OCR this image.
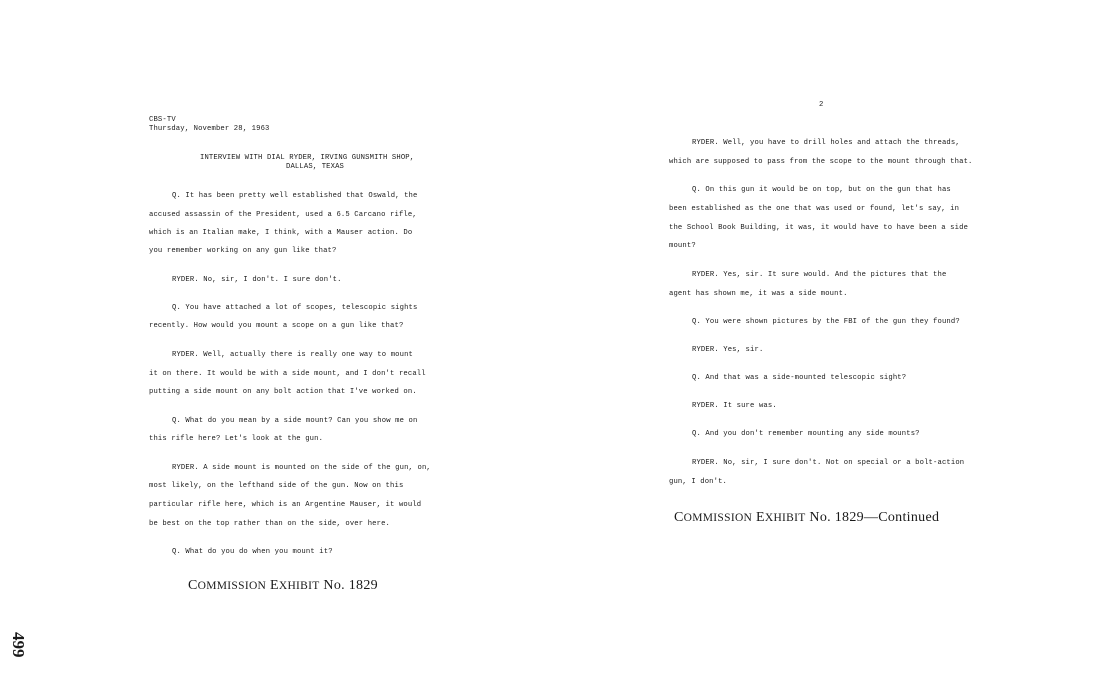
CBS-TV
Thursday, November 28, 1963
INTERVIEW WITH DIAL RYDER, IRVING GUNSMITH SHOP,
DALLAS, TEXAS
Q. It has been pretty well established that Oswald, the
accused assassin of the President, used a 6.5 Carcano rifle,
which is an Italian make, I think, with a Mauser action. Do
you remember working on any gun like that?
RYDER. No, sir, I don't. I sure don't.
Q. You have attached a lot of scopes, telescopic sights
recently. How would you mount a scope on a gun like that?
RYDER. Well, actually there is really one way to mount
it on there. It would be with a side mount, and I don't recall
putting a side mount on any bolt action that I've worked on.
Q. What do you mean by a side mount? Can you show me on
this rifle here? Let's look at the gun.
RYDER. A side mount is mounted on the side of the gun, on,
most likely, on the lefthand side of the gun. Now on this
particular rifle here, which is an Argentine Mauser, it would
be best on the top rather than on the side, over here.
Q. What do you do when you mount it?
COMMISSION EXHIBIT No. 1829
2
RYDER. Well, you have to drill holes and attach the threads,
which are supposed to pass from the scope to the mount through that.
Q. On this gun it would be on top, but on the gun that has
been established as the one that was used or found, let's say, in
the School Book Building, it was, it would have to have been a side
mount?
RYDER. Yes, sir. It sure would. And the pictures that the
agent has shown me, it was a side mount.
Q. You were shown pictures by the FBI of the gun they found?
RYDER. Yes, sir.
Q. And that was a side-mounted telescopic sight?
RYDER. It sure was.
Q. And you don't remember mounting any side mounts?
RYDER. No, sir, I sure don't. Not on special or a bolt-action
gun, I don't.
COMMISSION EXHIBIT No. 1829—Continued
499
